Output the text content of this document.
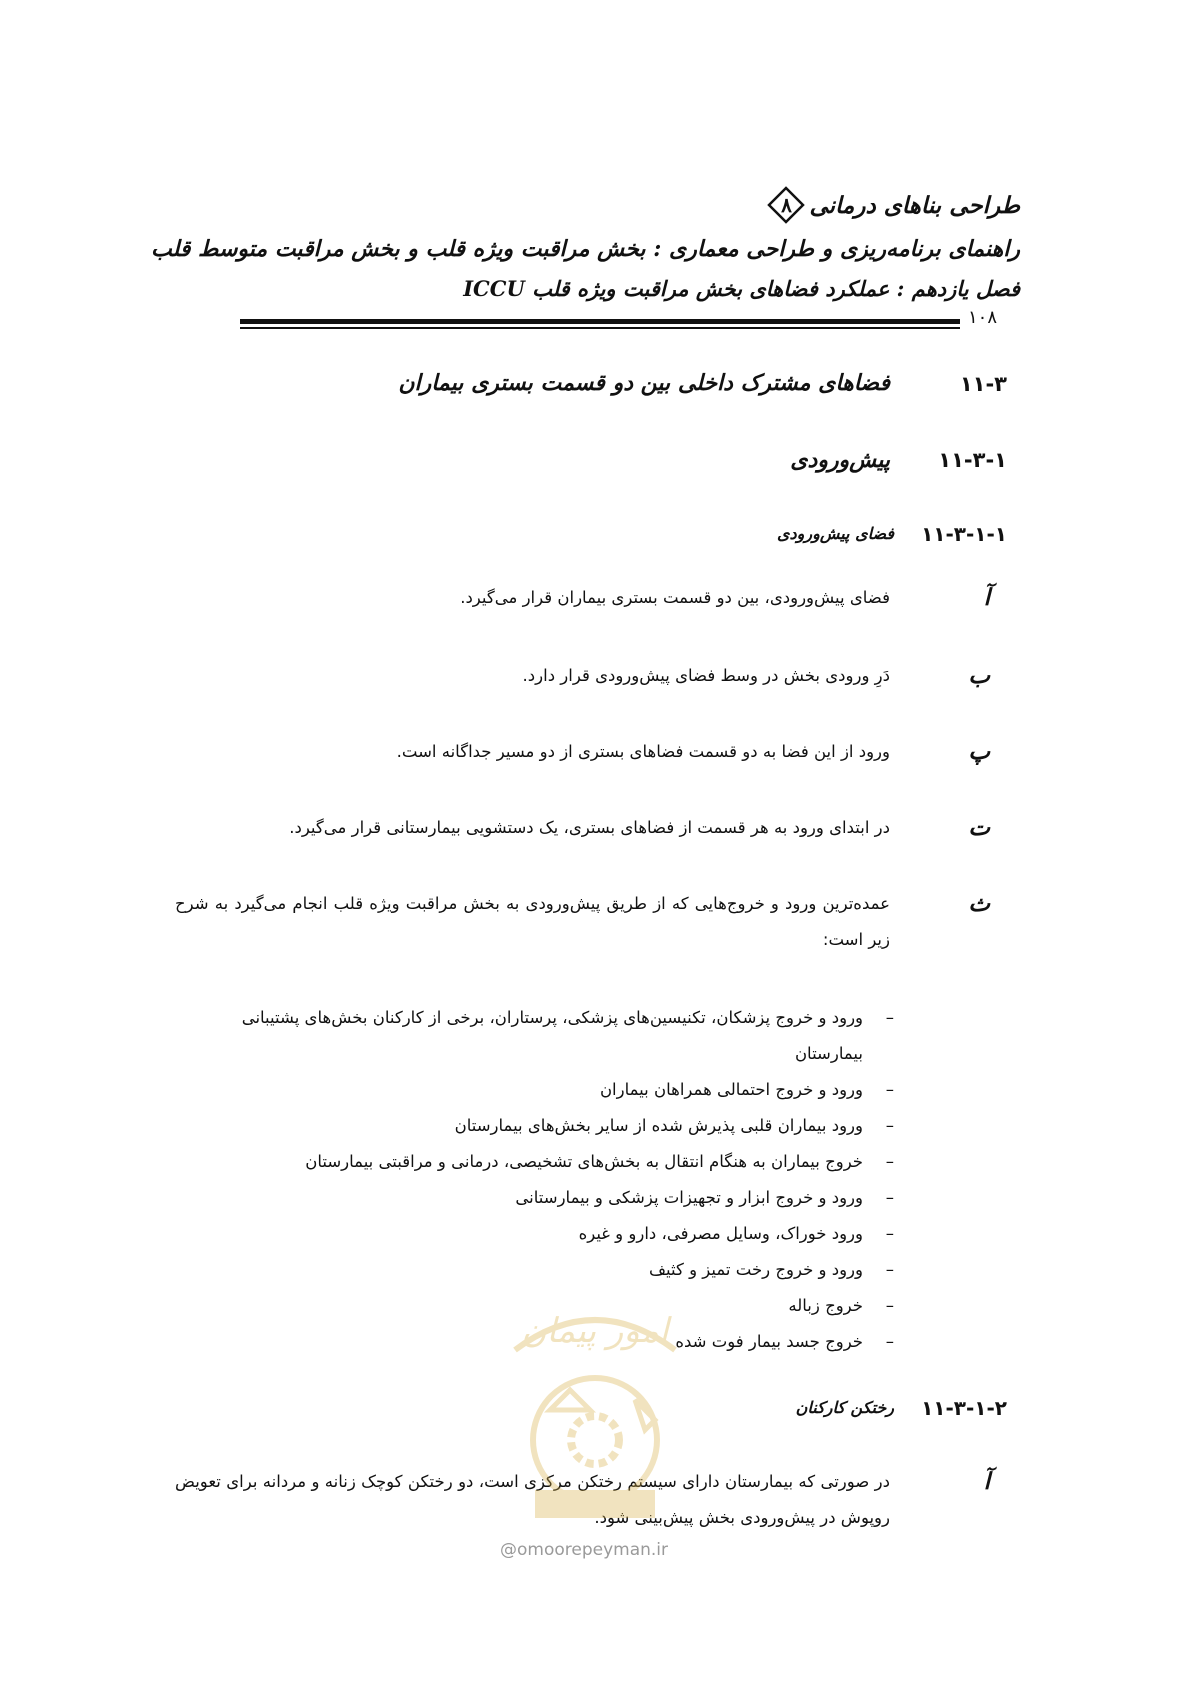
طراحی بناهای درمانی
۸
راهنمای برنامه‌ریزی و طراحی معماری : بخش مراقبت ویژه قلب و بخش مراقبت متوسط قلب
فصل یازدهم : عملکرد فضاهای بخش مراقبت ویژه قلب ICCU
۱۰۸
۱۱-۳
فضاهای مشترک داخلی بین دو قسمت بستری بیماران
۱۱-۳-۱
پیش‌ورودی
۱۱-۳-۱-۱
فضای پیش‌ورودی
آ
فضای پیش‌ورودی، بین دو قسمت بستری بیماران قرار می‌گیرد.
ب
دَرِ ورودی بخش در وسط فضای پیش‌ورودی قرار دارد.
پ
ورود از این فضا به دو قسمت فضاهای بستری از دو مسیر جداگانه است.
ت
در ابتدای ورود به هر قسمت از فضاهای بستری، یک دستشویی بیمارستانی قرار می‌گیرد.
ث
عمده‌ترین ورود و خروج‌هایی که از طریق پیش‌ورودی به بخش مراقبت ویژه قلب انجام می‌گیرد به شرح زیر است:
–
ورود و خروج پزشکان، تکنیسین‌های پزشکی، پرستاران، برخی از کارکنان بخش‌های پشتیبانی بیمارستان
–
ورود و خروج احتمالی همراهان بیماران
–
ورود بیماران قلبی پذیرش شده از سایر بخش‌های بیمارستان
–
خروج بیماران به هنگام انتقال به بخش‌های تشخیصی، درمانی و مراقبتی بیمارستان
–
ورود و خروج ابزار و تجهیزات پزشکی و بیمارستانی
–
ورود خوراک، وسایل مصرفی، دارو و غیره
–
ورود و خروج رخت تمیز و کثیف
–
خروج زباله
–
خروج جسد بیمار فوت شده
۱۱-۳-۱-۲
رختکن کارکنان
آ
در صورتی که بیمارستان دارای سیستم رختکن مرکزی است، دو رختکن کوچک زنانه و مردانه برای تعویض روپوش در پیش‌ورودی بخش پیش‌بینی شود.
امور پیمان
@omoorepeyman.ir
